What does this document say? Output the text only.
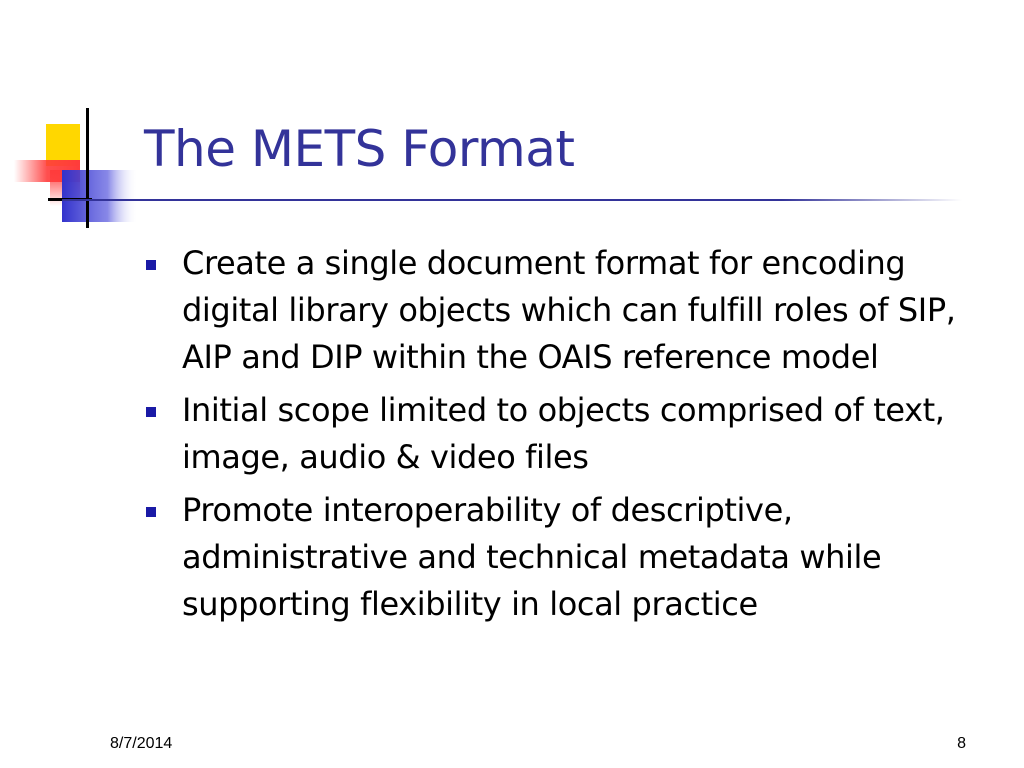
The METS Format
Create a single document format for encoding digital library objects which can fulfill roles of SIP, AIP and DIP within the OAIS reference model
Initial scope limited to objects comprised of text, image, audio & video files
Promote interoperability of descriptive, administrative and technical metadata while supporting flexibility in local practice
8/7/2014	8
